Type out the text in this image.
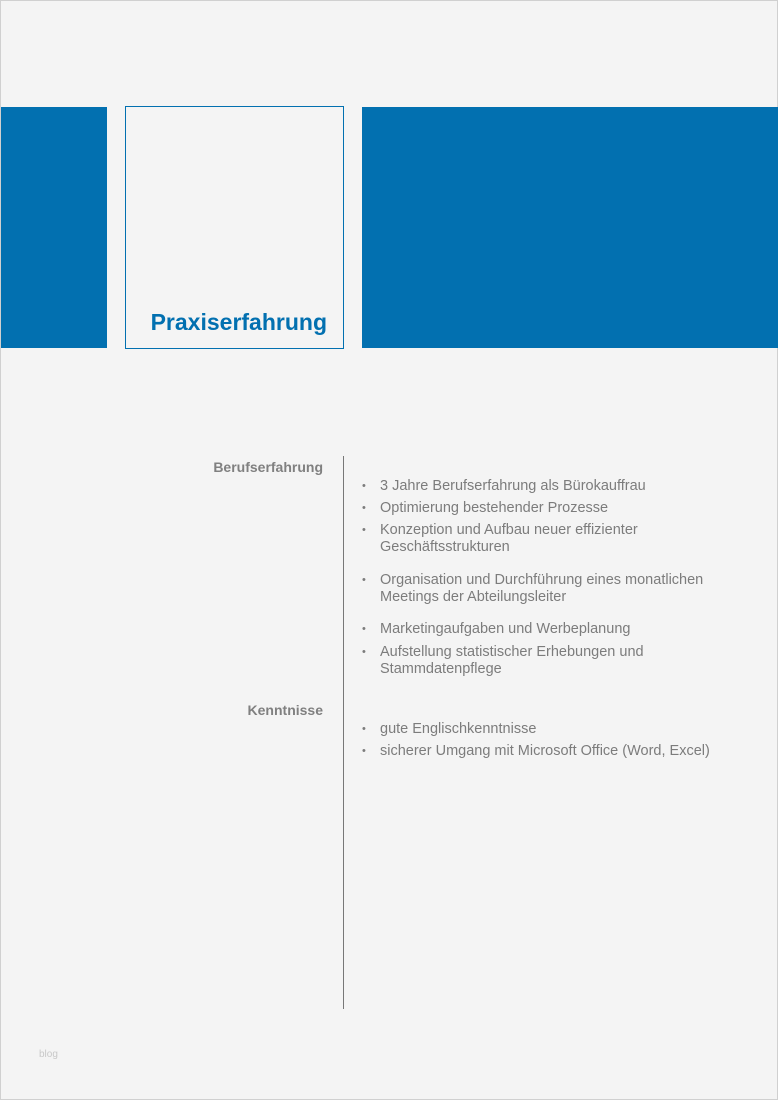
Praxiserfahrung
Berufserfahrung
• 3 Jahre Berufserfahrung als Bürokauffrau
• Optimierung bestehender Prozesse
• Konzeption und Aufbau neuer effizienter Geschäftsstrukturen
• Organisation und Durchführung eines monatlichen Meetings der Abteilungsleiter
• Marketingaufgaben und Werbeplanung
• Aufstellung statistischer Erhebungen und Stammdatenpflege
Kenntnisse
• gute Englischkenntnisse
• sicherer Umgang mit Microsoft Office (Word, Excel)
blog
